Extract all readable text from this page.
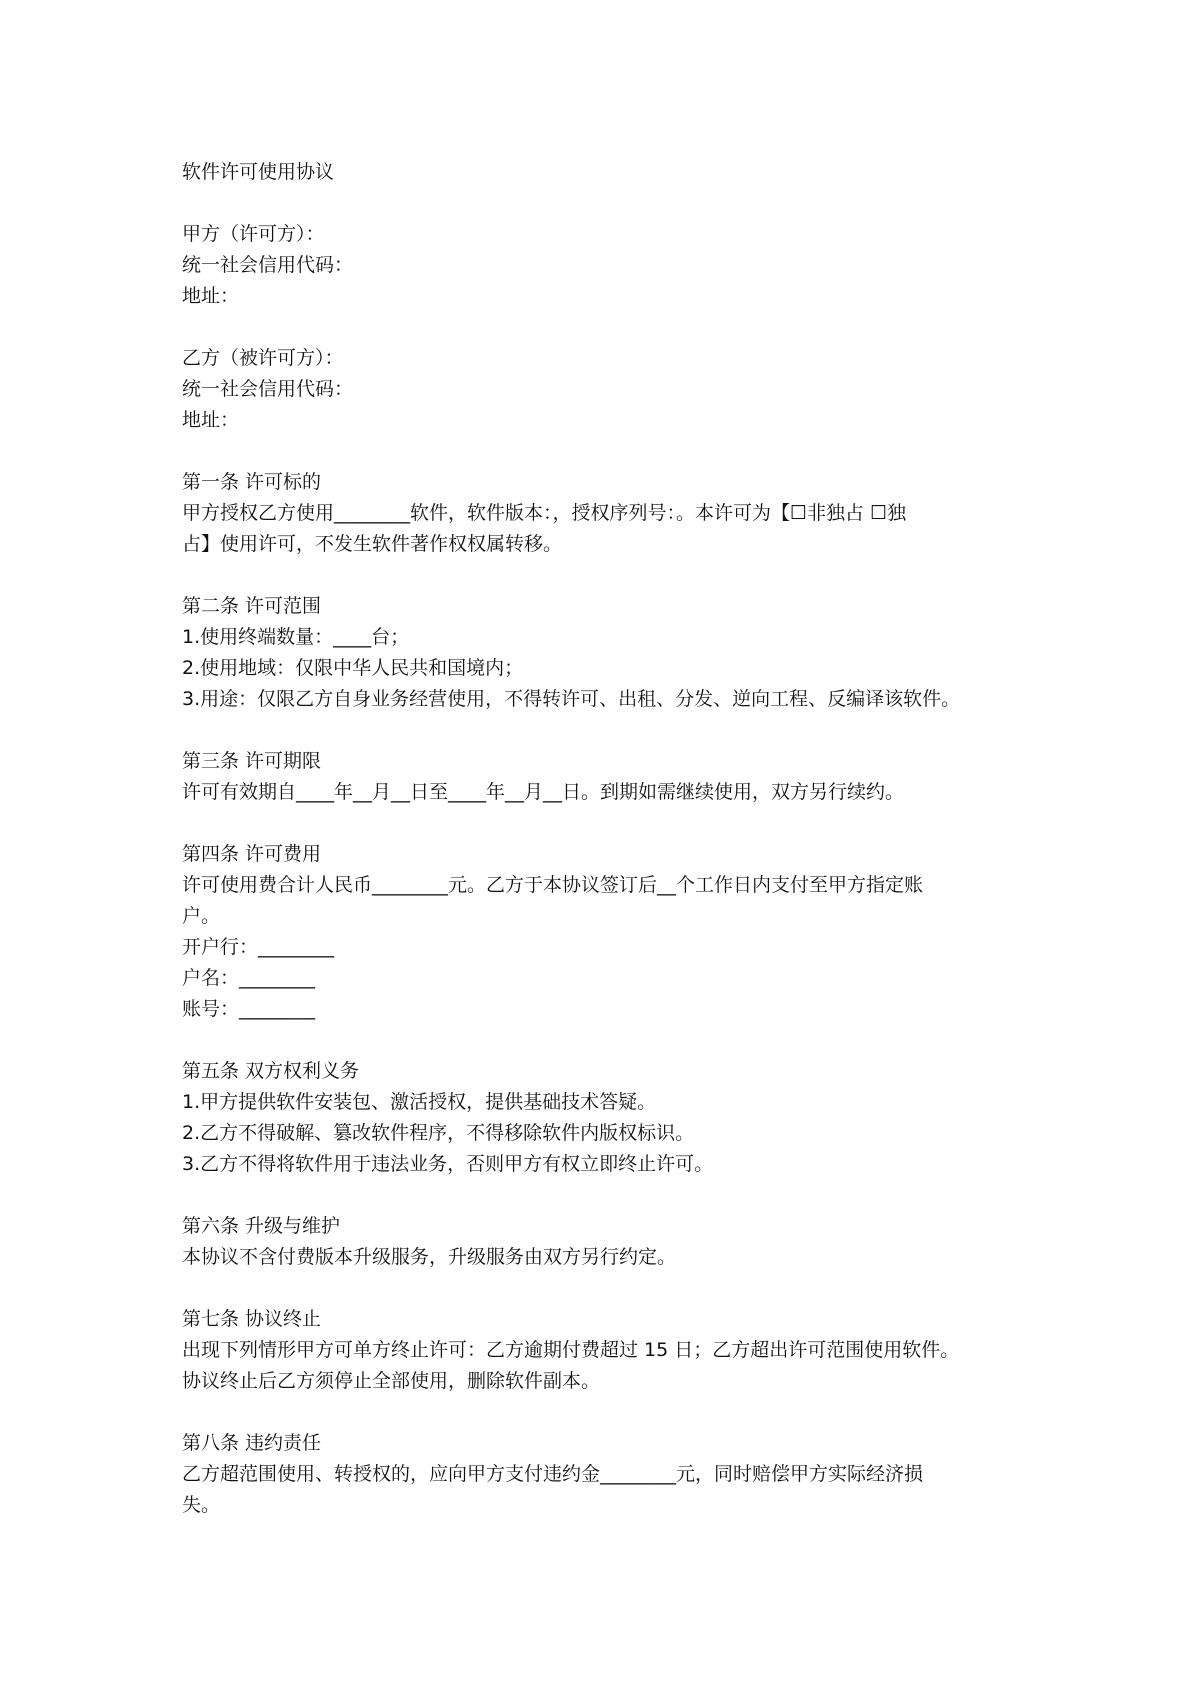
软件许可使用协议

甲方（许可方）：

统一社会信用代码：

地址：

乙方（被许可方）：

统一社会信用代码：

地址：

第一条 许可标的

甲方授权乙方使用________软件，软件版本：，授权序列号：。本许可为【☐非独占 ☐独

占】使用许可，不发生软件著作权权属转移。

第二条 许可范围

1.使用终端数量：____台；

2.使用地域：仅限中华人民共和国境内；

3.用途：仅限乙方自身业务经营使用，不得转许可、出租、分发、逆向工程、反编译该软件。

第三条 许可期限

许可有效期自____年__月__日至____年__月__日。到期如需继续使用，双方另行续约。

第四条 许可费用

许可使用费合计人民币________元。乙方于本协议签订后__个工作日内支付至甲方指定账

户。

开户行：________

户名：________

账号：________

第五条 双方权利义务

1.甲方提供软件安装包、激活授权，提供基础技术答疑。

2.乙方不得破解、篡改软件程序，不得移除软件内版权标识。

3.乙方不得将软件用于违法业务，否则甲方有权立即终止许可。

第六条 升级与维护

本协议不含付费版本升级服务，升级服务由双方另行约定。

第七条 协议终止

出现下列情形甲方可单方终止许可：乙方逾期付费超过 15 日；乙方超出许可范围使用软件。

协议终止后乙方须停止全部使用，删除软件副本。

第八条 违约责任

乙方超范围使用、转授权的，应向甲方支付违约金________元，同时赔偿甲方实际经济损

失。
